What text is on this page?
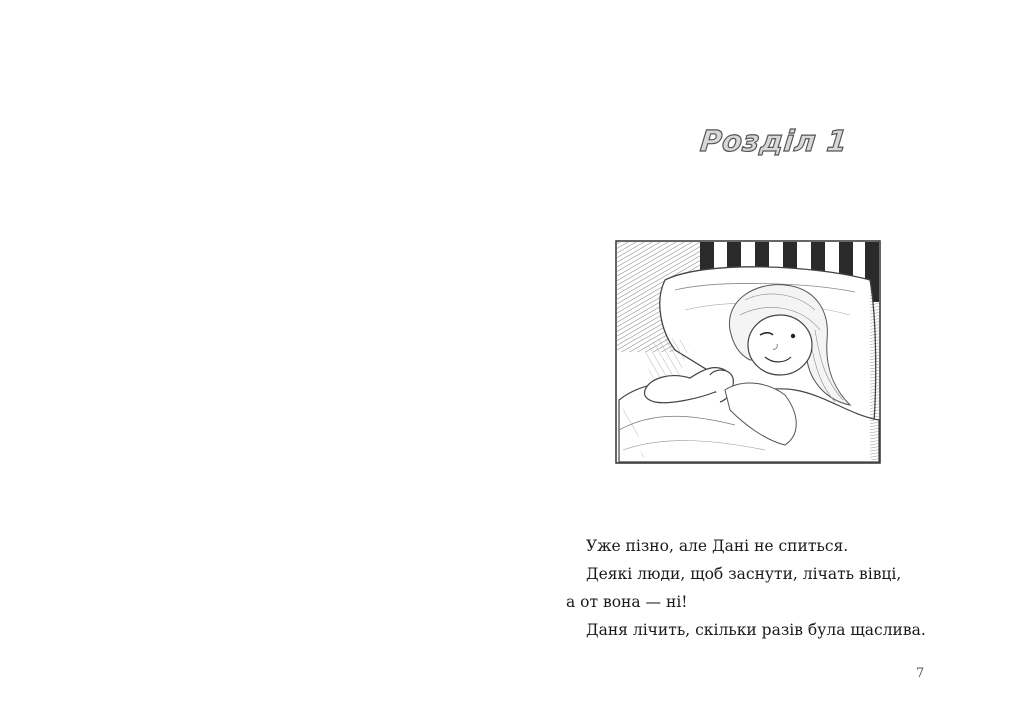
Розділ 1
Уже пізно, але Дані не спиться.
Деякі люди, щоб заснути, лічать вівці,
а от вона — ні!
Даня лічить, скільки разів була щаслива.
7
